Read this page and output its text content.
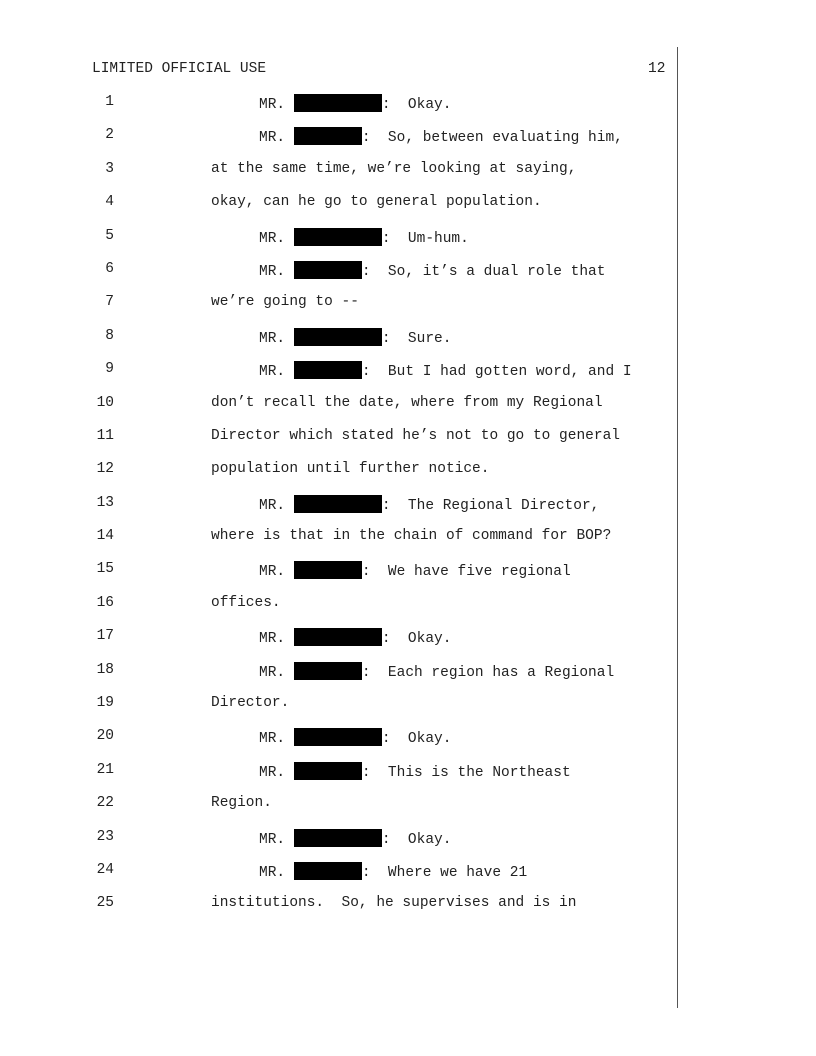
LIMITED OFFICIAL USE	12
1	MR.	:  Okay.
2	MR.	:  So, between evaluating him,
3	at the same time, we’re looking at saying,
4	okay, can he go to general population.
5	MR.	:  Um-hum.
6	MR.	:  So, it’s a dual role that
7	we’re going to --
8	MR.	:  Sure.
9	MR.	:  But I had gotten word, and I
10	don’t recall the date, where from my Regional
11	Director which stated he’s not to go to general
12	population until further notice.
13	MR.	:  The Regional Director,
14	where is that in the chain of command for BOP?
15	MR.	:  We have five regional
16	offices.
17	MR.	:  Okay.
18	MR.	:  Each region has a Regional
19	Director.
20	MR.	:  Okay.
21	MR.	:  This is the Northeast
22	Region.
23	MR.	:  Okay.
24	MR.	:  Where we have 21
25	institutions.  So, he supervises and is in
